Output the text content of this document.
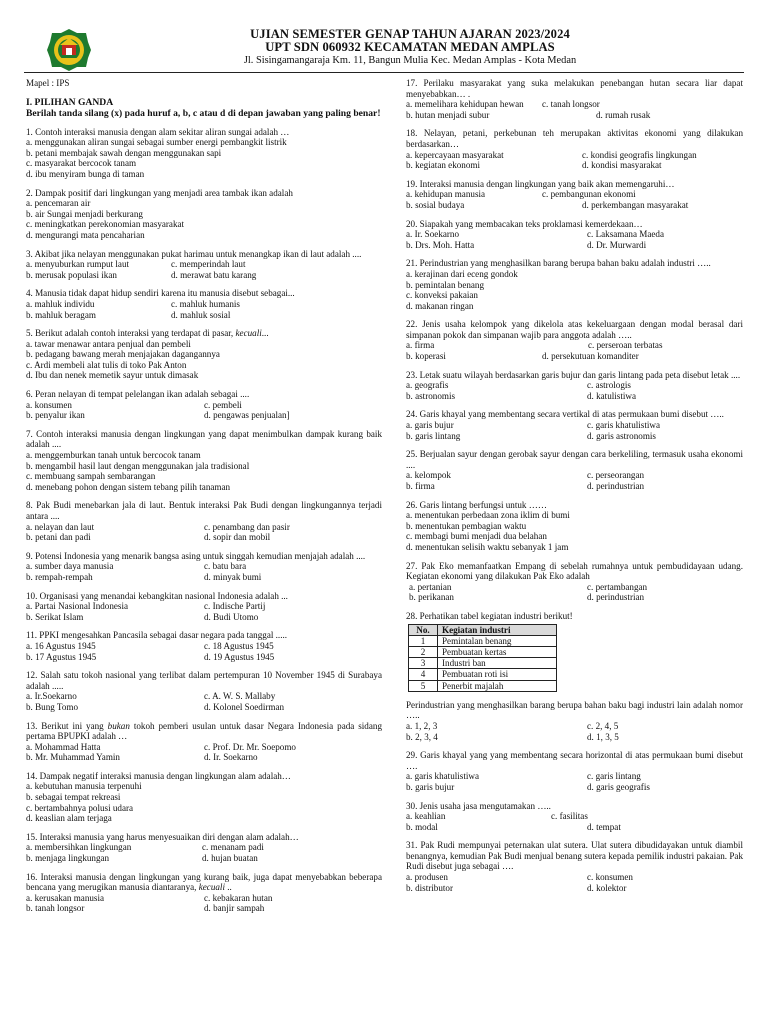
UJIAN SEMESTER GENAP TAHUN AJARAN 2023/2024
UPT SDN 060932 KECAMATAN MEDAN AMPLAS
Jl. Sisingamangaraja Km. 11, Bangun Mulia Kec. Medan Amplas - Kota Medan
Mapel : IPS
I. PILIHAN GANDA
Berilah tanda silang (x) pada huruf a, b, c atau d di depan jawaban yang paling benar!
1. Contoh interaksi manusia dengan alam sekitar aliran sungai adalah …
a. menggunakan aliran sungai sebagai sumber energi pembangkit listrik
b. petani membajak sawah dengan menggunakan sapi
c. masyarakat bercocok tanam
d. ibu menyiram bunga di taman
2. Dampak positif dari lingkungan yang menjadi area tambak ikan adalah
a. pencemaran air
b. air Sungai menjadi berkurang
c. meningkatkan perekonomian masyarakat
d. mengurangi mata pencaharian
3. Akibat jika nelayan menggunakan pukat harimau untuk menangkap ikan di laut adalah ....
a. menyuburkan rumput laut	c. memperindah laut
b. merusak populasi ikan	d. merawat batu karang
4. Manusia tidak dapat hidup sendiri karena itu manusia disebut sebagai...
a. mahluk individu	c. mahluk humanis
b. mahluk beragam	d. mahluk sosial
5. Berikut adalah contoh interaksi yang terdapat di pasar, kecuali...
a. tawar menawar antara penjual dan pembeli
b. pedagang bawang merah menjajakan dagangannya
c. Ardi membeli alat tulis di toko Pak Anton
d. Ibu dan nenek memetik sayur untuk dimasak
6. Peran nelayan di tempat pelelangan ikan adalah sebagai ....
a. konsumen	c. pembeli
b. penyalur ikan	d. pengawas penjualan]
7. Contoh interaksi manusia dengan lingkungan yang dapat menimbulkan dampak kurang baik adalah ....
a. menggemburkan tanah untuk bercocok tanam
b. mengambil hasil laut dengan menggunakan jala tradisional
c. membuang sampah sembarangan
d. menebang pohon dengan sistem tebang pilih tanaman
8. Pak Budi menebarkan jala di laut. Bentuk interaksi Pak Budi dengan lingkungannya terjadi antara ....
a. nelayan dan laut	c. penambang dan pasir
b. petani dan padi	d. sopir dan mobil
9. Potensi Indonesia yang menarik bangsa asing untuk singgah kemudian menjajah adalah ....
a. sumber daya manusia	c. batu bara
b. rempah-rempah	d. minyak bumi
10. Organisasi yang menandai kebangkitan nasional Indonesia adalah ...
a. Partai Nasional Indonesia	c. Indische Partij
b. Serikat Islam	d. Budi Utomo
11. PPKI mengesahkan Pancasila sebagai dasar negara pada tanggal .....
a. 16 Agustus 1945	c. 18 Agustus 1945
b. 17 Agustus 1945	d. 19 Agustus 1945
12. Salah satu tokoh nasional yang terlibat dalam pertempuran 10 November 1945 di Surabaya adalah .....
a. Ir.Soekarno	c. A. W. S. Mallaby
b. Bung Tomo	d. Kolonel Soedirman
13. Berikut ini yang bukan tokoh pemberi usulan untuk dasar Negara Indonesia pada sidang pertama BPUPKI adalah …
a. Mohammad Hatta	c. Prof. Dr. Mr. Soepomo
b. Mr. Muhammad Yamin	d. Ir. Soekarno
14. Dampak negatif interaksi manusia dengan lingkungan alam adalah…
a. kebutuhan manusia terpenuhi
b. sebagai tempat rekreasi
c. bertambahnya polusi udara
d. keaslian alam terjaga
15. Interaksi manusia yang harus menyesuaikan diri dengan alam adalah…
a. membersihkan lingkungan	c. menanam padi
b. menjaga lingkungan	d. hujan buatan
16. Interaksi manusia dengan lingkungan yang kurang baik, juga dapat menyebabkan beberapa bencana yang merugikan manusia diantaranya, kecuali ..
a. kerusakan manusia	c. kebakaran hutan
b. tanah longsor	d. banjir sampah
17. Perilaku masyarakat yang suka melakukan penebangan hutan secara liar dapat menyebabkan… .
a. memelihara kehidupan hewan	c. tanah longsor
b. hutan menjadi subur	d. rumah rusak
18. Nelayan, petani, perkebunan teh merupakan aktivitas ekonomi yang dilakukan berdasarkan…
a. kepercayaan masyarakat	c. kondisi geografis lingkungan
b. kegiatan ekonomi	d. kondisi masyarakat
19. Interaksi manusia dengan lingkungan yang baik akan memengaruhi…
a. kehidupan manusia	c. pembangunan ekonomi
b. sosial budaya	d. perkembangan masyarakat
20. Siapakah yang membacakan teks proklamasi kemerdekaan…
a. Ir. Soekarno	c. Laksamana Maeda
b. Drs. Moh. Hatta	d. Dr. Murwardi
21. Perindustrian yang menghasilkan barang berupa bahan baku adalah industri …..
a. kerajinan dari eceng gondok
b. pemintalan benang
c. konveksi pakaian
d. makanan ringan
22. Jenis usaha kelompok yang dikelola atas kekeluargaan dengan modal berasal dari simpanan pokok dan simpanan wajib para anggota adalah …..
a. firma	c. perseroan terbatas
b. koperasi	d. persekutuan komanditer
23. Letak suatu wilayah berdasarkan garis bujur dan garis lintang pada peta disebut letak ....
a. geografis	c. astrologis
b. astronomis	d. katulistiwa
24. Garis khayal yang membentang secara vertikal di atas permukaan bumi disebut …..
a. garis bujur	c. garis khatulistiwa
b. garis lintang	d. garis astronomis
25. Berjualan sayur dengan gerobak sayur dengan cara berkeliling, termasuk usaha ekonomi ....
a. kelompok	c. perseorangan
b. firma	d. perindustrian
26. Garis lintang berfungsi untuk ……
a. menentukan perbedaan zona iklim di bumi
b. menentukan pembagian waktu
c. membagi bumi menjadi dua belahan
d. menentukan selisih waktu sebanyak 1 jam
27. Pak Eko memanfaatkan Empang di sebelah rumahnya untuk pembudidayaan udang. Kegiatan ekonomi yang dilakukan Pak Eko adalah
a. pertanian	c. pertambangan
b. perikanan	d. perindustrian
28. Perhatikan tabel kegiatan industri berikut!
No.	Kegiatan industri
1	Pemintalan benang
2	Pembuatan kertas
3	Industri ban
4	Pembuatan roti isi
5	Penerbit majalah
Perindustrian yang menghasilkan barang berupa bahan baku bagi industri lain adalah nomor …..
a. 1, 2, 3	c. 2, 4, 5
b. 2, 3, 4	d. 1, 3, 5
29. Garis khayal yang yang membentang secara horizontal di atas permukaan bumi disebut ….
a. garis khatulistiwa	c. garis lintang
b. garis bujur	d. garis geografis
30. Jenis usaha jasa mengutamakan …..
a. keahlian	c. fasilitas
b. modal	d. tempat
31. Pak Rudi mempunyai peternakan ulat sutera. Ulat sutera dibudidayakan untuk diambil benangnya, kemudian Pak Budi menjual benang sutera kepada pemilik industri pakaian. Pak Rudi disebut juga sebagai ….
a. produsen	c. konsumen
b. distributor	d. kolektor
